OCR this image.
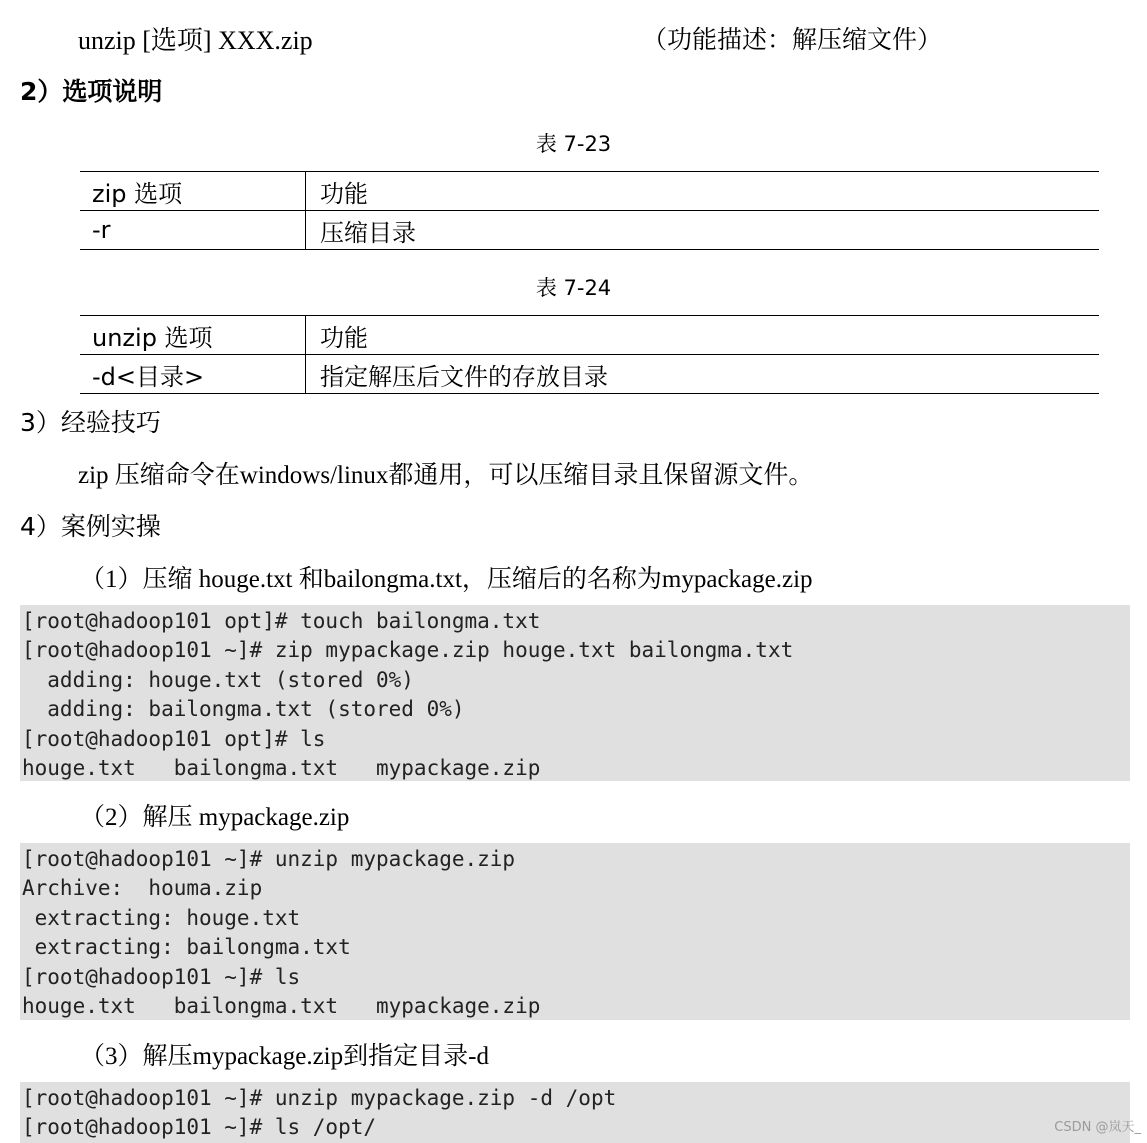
unzip [选项] XXX.zip	（功能描述：解压缩文件）
2）选项说明
表 7-23
zip 选项	功能
-r	压缩目录
表 7-24
unzip 选项	功能
-d<目录>	指定解压后文件的存放目录
3）经验技巧
zip 压缩命令在windows/linux都通用，可以压缩目录且保留源文件。
4）案例实操
（1）压缩 houge.txt 和bailongma.txt，压缩后的名称为mypackage.zip
[root@hadoop101 opt]# touch bailongma.txt
[root@hadoop101 ~]# zip mypackage.zip houge.txt bailongma.txt
adding: houge.txt (stored 0%)
adding: bailongma.txt (stored 0%)
[root@hadoop101 opt]# ls
houge.txt   bailongma.txt   mypackage.zip
（2）解压 mypackage.zip
[root@hadoop101 ~]# unzip mypackage.zip
Archive:  houma.zip
extracting: houge.txt
extracting: bailongma.txt
[root@hadoop101 ~]# ls
houge.txt   bailongma.txt   mypackage.zip
（3）解压mypackage.zip到指定目录-d
[root@hadoop101 ~]# unzip mypackage.zip -d /opt
[root@hadoop101 ~]# ls /opt/	CSDN @岚天_
